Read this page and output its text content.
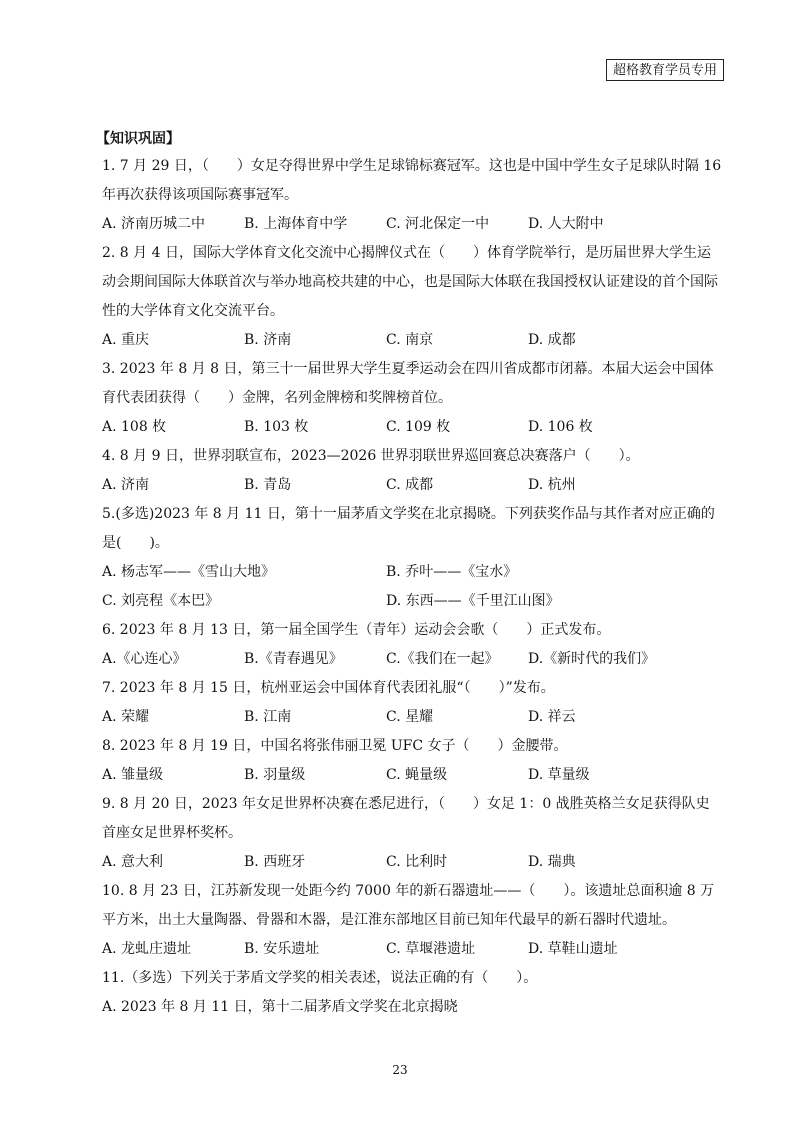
超格教育学员专用
【知识巩固】
1. 7 月 29 日，（　　）女足夺得世界中学生足球锦标赛冠军。这也是中国中学生女子足球队时隔 16 年再次获得该项国际赛事冠军。
A. 济南历城二中	B. 上海体育中学	C. 河北保定一中	D. 人大附中
2. 8 月 4 日，国际大学体育文化交流中心揭牌仪式在（　　）体育学院举行，是历届世界大学生运动会期间国际大体联首次与举办地高校共建的中心，也是国际大体联在我国授权认证建设的首个国际性的大学体育文化交流平台。
A. 重庆	B. 济南	C. 南京	D. 成都
3. 2023 年 8 月 8 日，第三十一届世界大学生夏季运动会在四川省成都市闭幕。本届大运会中国体育代表团获得（　　）金牌，名列金牌榜和奖牌榜首位。
A. 108 枚	B. 103 枚	C. 109 枚	D. 106 枚
4. 8 月 9 日，世界羽联宣布，2023—2026 世界羽联世界巡回赛总决赛落户（　　）。
A. 济南	B. 青岛	C. 成都	D. 杭州
5.(多选)2023 年 8 月 11 日，第十一届茅盾文学奖在北京揭晓。下列获奖作品与其作者对应正确的是(　　)。
A. 杨志军——《雪山大地》	B. 乔叶——《宝水》
C. 刘亮程《本巴》	D. 东西——《千里江山图》
6. 2023 年 8 月 13 日，第一届全国学生（青年）运动会会歌（　　）正式发布。
A.《心连心》	B.《青春遇见》	C.《我们在一起》	D.《新时代的我们》
7. 2023 年 8 月 15 日，杭州亚运会中国体育代表团礼服“（　　）”发布。
A. 荣耀	B. 江南	C. 星耀	D. 祥云
8. 2023 年 8 月 19 日，中国名将张伟丽卫冕 UFC 女子（　　）金腰带。
A. 雏量级	B. 羽量级	C. 蝇量级	D. 草量级
9. 8 月 20 日，2023 年女足世界杯决赛在悉尼进行，（　　）女足 1：0 战胜英格兰女足获得队史首座女足世界杯奖杯。
A. 意大利	B. 西班牙	C. 比利时	D. 瑞典
10. 8 月 23 日，江苏新发现一处距今约 7000 年的新石器遗址——（　　）。该遗址总面积逾 8 万平方米，出土大量陶器、骨器和木器，是江淮东部地区目前已知年代最早的新石器时代遗址。
A. 龙虬庄遗址	B. 安乐遗址	C. 草堰港遗址	D. 草鞋山遗址
11.（多选）下列关于茅盾文学奖的相关表述，说法正确的有（　　）。
A. 2023 年 8 月 11 日，第十二届茅盾文学奖在北京揭晓
23
